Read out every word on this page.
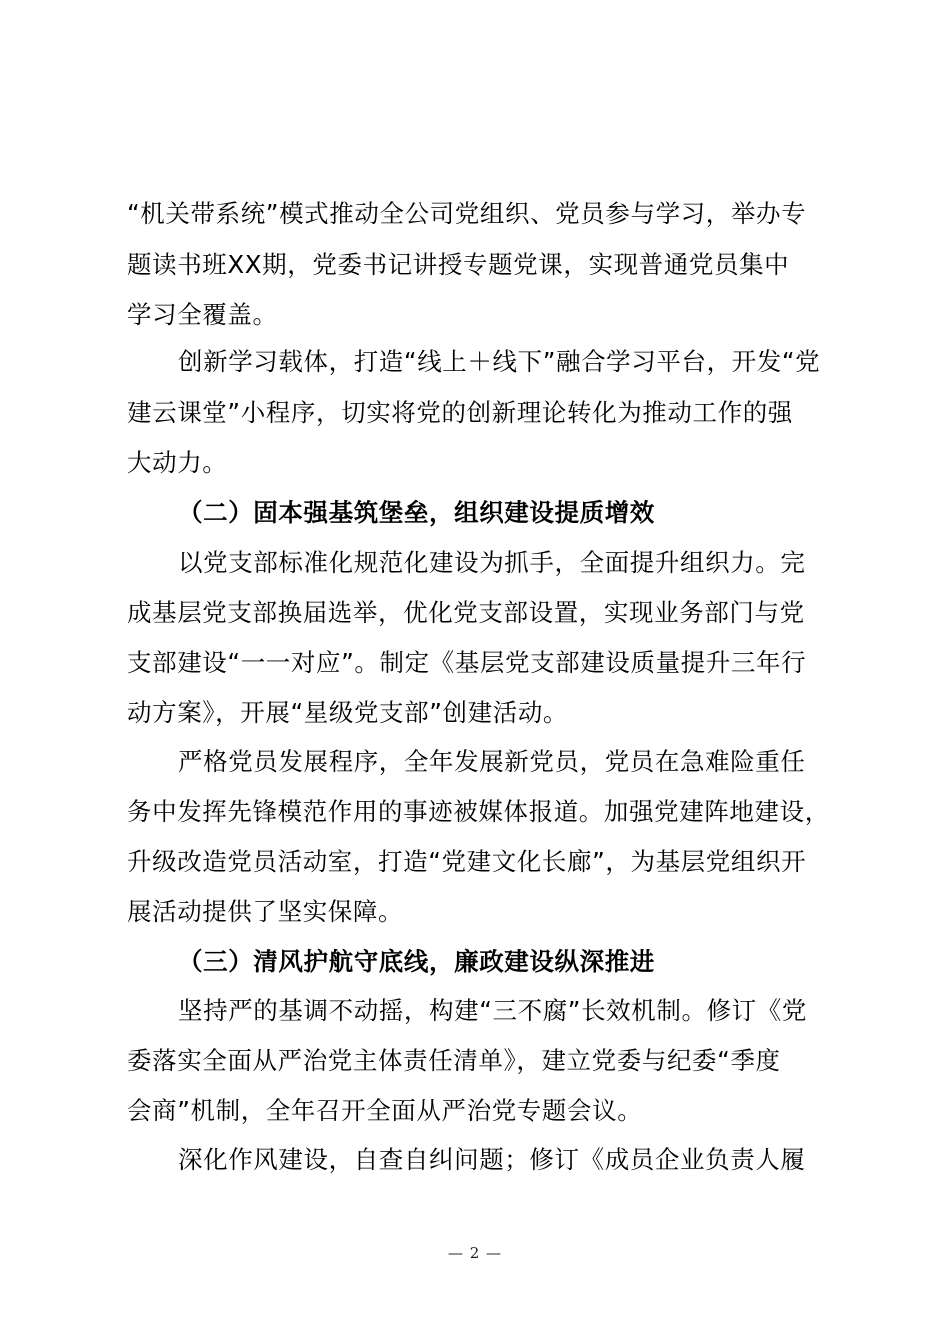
“机关带系统”模式推动全公司党组织、党员参与学习，举办专
题读书班XX期，党委书记讲授专题党课，实现普通党员集中
学习全覆盖。
创新学习载体，打造“线上＋线下”融合学习平台，开发“党
建云课堂”小程序，切实将党的创新理论转化为推动工作的强
大动力。
（二）固本强基筑堡垒，组织建设提质增效
以党支部标准化规范化建设为抓手，全面提升组织力。完
成基层党支部换届选举，优化党支部设置，实现业务部门与党
支部建设“一一对应”。制定《基层党支部建设质量提升三年行
动方案》，开展“星级党支部”创建活动。
严格党员发展程序，全年发展新党员，党员在急难险重任
务中发挥先锋模范作用的事迹被媒体报道。加强党建阵地建设，
升级改造党员活动室，打造“党建文化长廊”，为基层党组织开
展活动提供了坚实保障。
（三）清风护航守底线，廉政建设纵深推进
坚持严的基调不动摇，构建“三不腐”长效机制。修订《党
委落实全面从严治党主体责任清单》，建立党委与纪委“季度
会商”机制，全年召开全面从严治党专题会议。
深化作风建设，自查自纠问题；修订《成员企业负责人履
— 2 —
